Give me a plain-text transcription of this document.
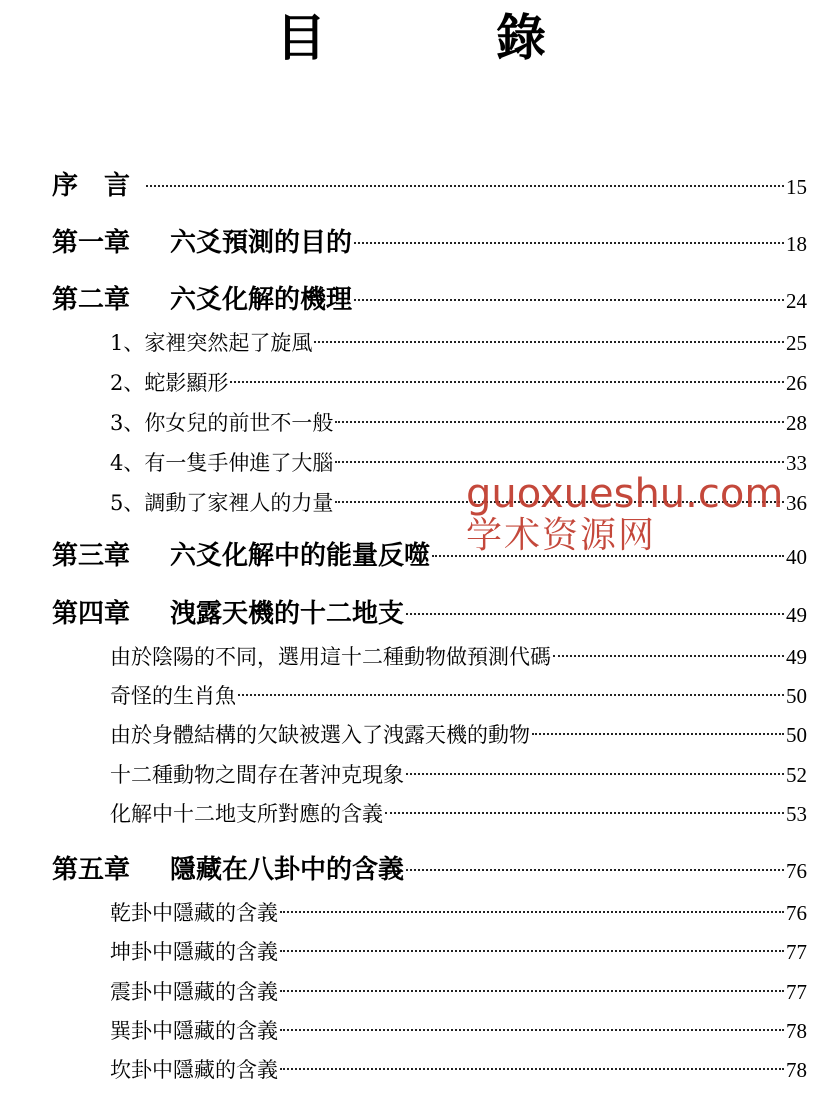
目　錄
序　言	15
第一章 六爻預測的目的	18
第二章 六爻化解的機理	24
1、家裡突然起了旋風	25
2、蛇影顯形	26
3、你女兒的前世不一般	28
4、有一隻手伸進了大腦	33
5、調動了家裡人的力量	36
第三章 六爻化解中的能量反噬	40
第四章 洩露天機的十二地支	49
由於陰陽的不同，選用這十二種動物做預測代碼	49
奇怪的生肖魚	50
由於身體結構的欠缺被選入了洩露天機的動物	50
十二種動物之間存在著沖克現象	52
化解中十二地支所對應的含義	53
第五章 隱藏在八卦中的含義	76
乾卦中隱藏的含義	76
坤卦中隱藏的含義	77
震卦中隱藏的含義	77
巽卦中隱藏的含義	78
坎卦中隱藏的含義	78
guoxueshu.com
学术资源网
